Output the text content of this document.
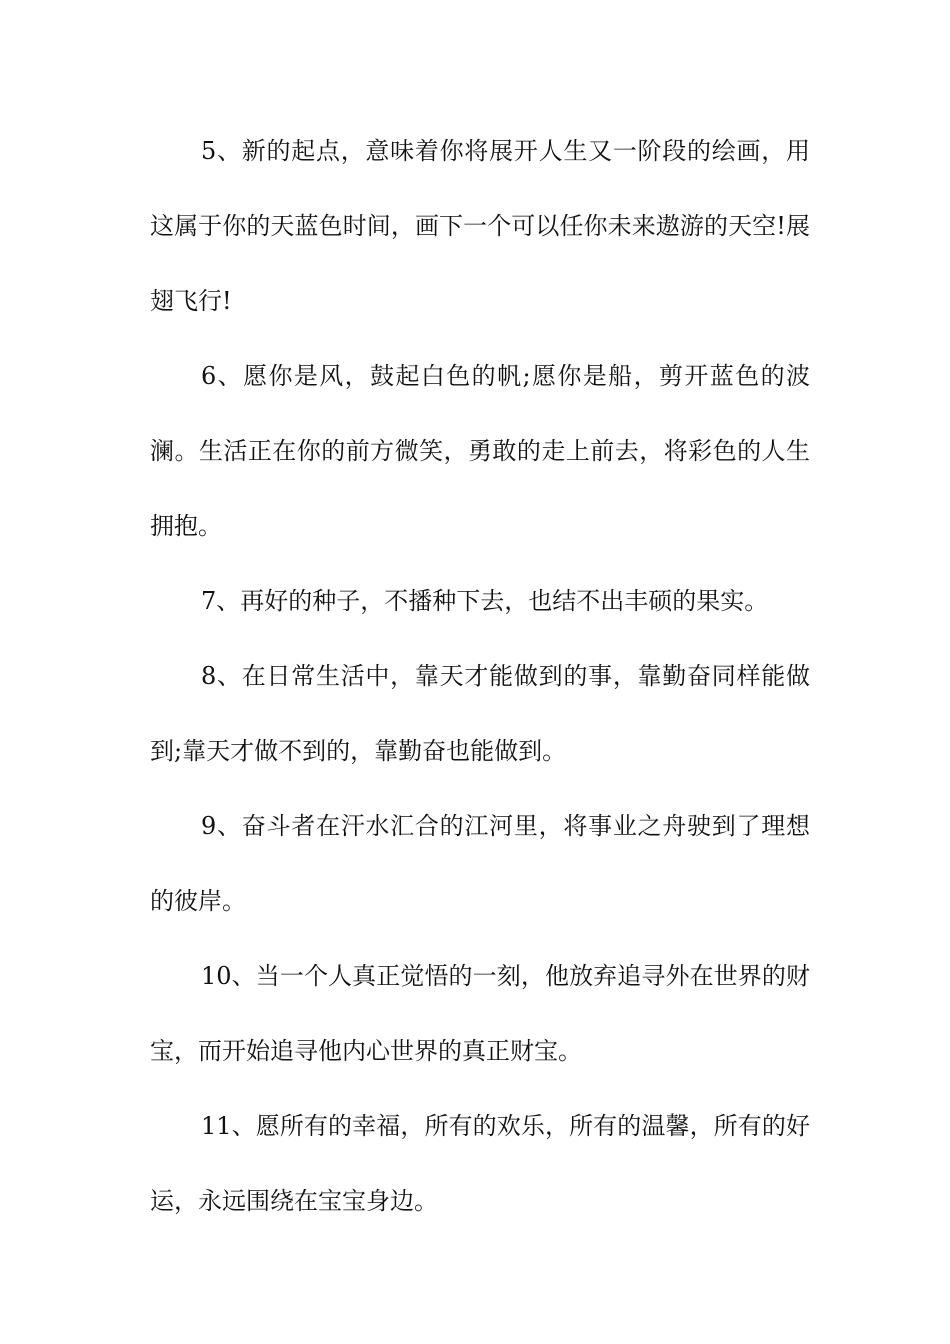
5、新的起点，意味着你将展开人生又一阶段的绘画，用这属于你的天蓝色时间，画下一个可以任你未来遨游的天空!展翅飞行!

6、愿你是风，鼓起白色的帆;愿你是船，剪开蓝色的波澜。生活正在你的前方微笑，勇敢的走上前去，将彩色的人生拥抱。

7、再好的种子，不播种下去，也结不出丰硕的果实。

8、在日常生活中，靠天才能做到的事，靠勤奋同样能做到;靠天才做不到的，靠勤奋也能做到。

9、奋斗者在汗水汇合的江河里，将事业之舟驶到了理想的彼岸。

10、当一个人真正觉悟的一刻，他放弃追寻外在世界的财宝，而开始追寻他内心世界的真正财宝。

11、愿所有的幸福，所有的欢乐，所有的温馨，所有的好运，永远围绕在宝宝身边。
